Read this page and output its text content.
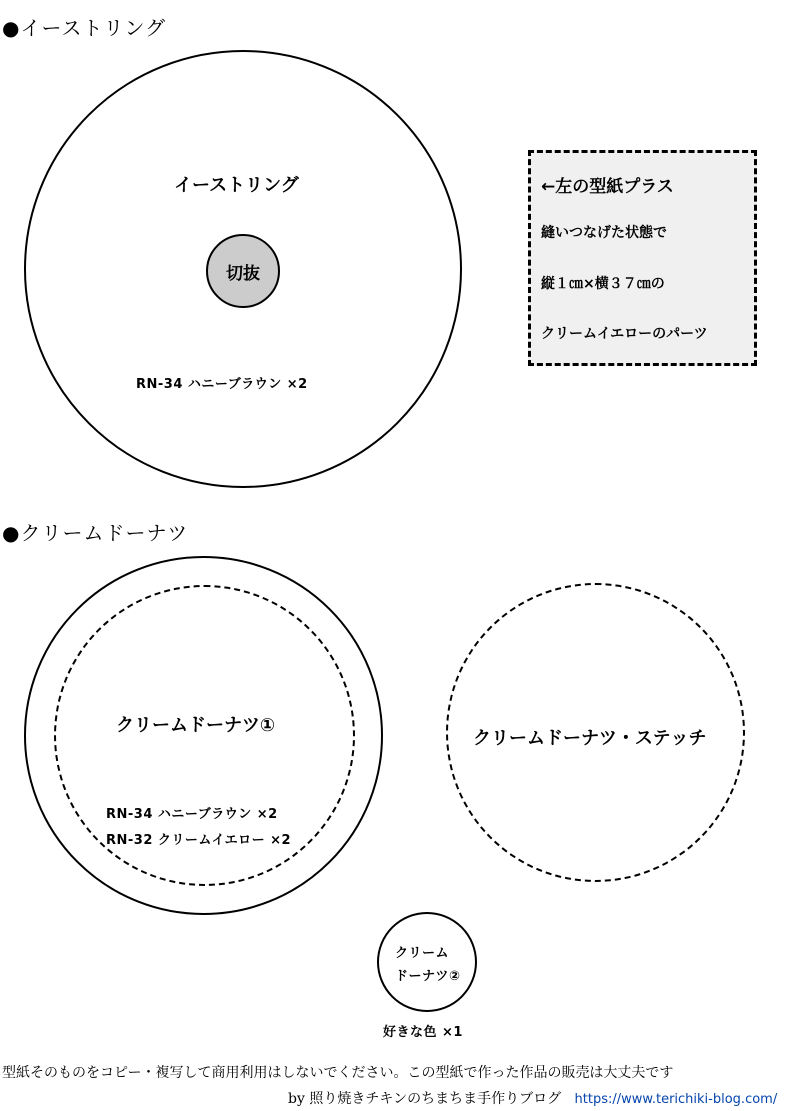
●イーストリング
イーストリング
切抜
RN-34 ハニーブラウン ×2
←左の型紙プラス
縫いつなげた状態で
縦１㎝×横３７㎝の
クリームイエローのパーツ
●クリームドーナツ
クリームドーナツ①
RN-34 ハニーブラウン ×2
RN-32 クリームイエロー ×2
クリームドーナツ・ステッチ
クリーム
ドーナツ②
好きな色 ×1
型紙そのものをコピー・複写して商用利用はしないでください。この型紙で作った作品の販売は大丈夫です
by 照り焼きチキンのちまちま手作りブログ https://www.terichiki-blog.com/
